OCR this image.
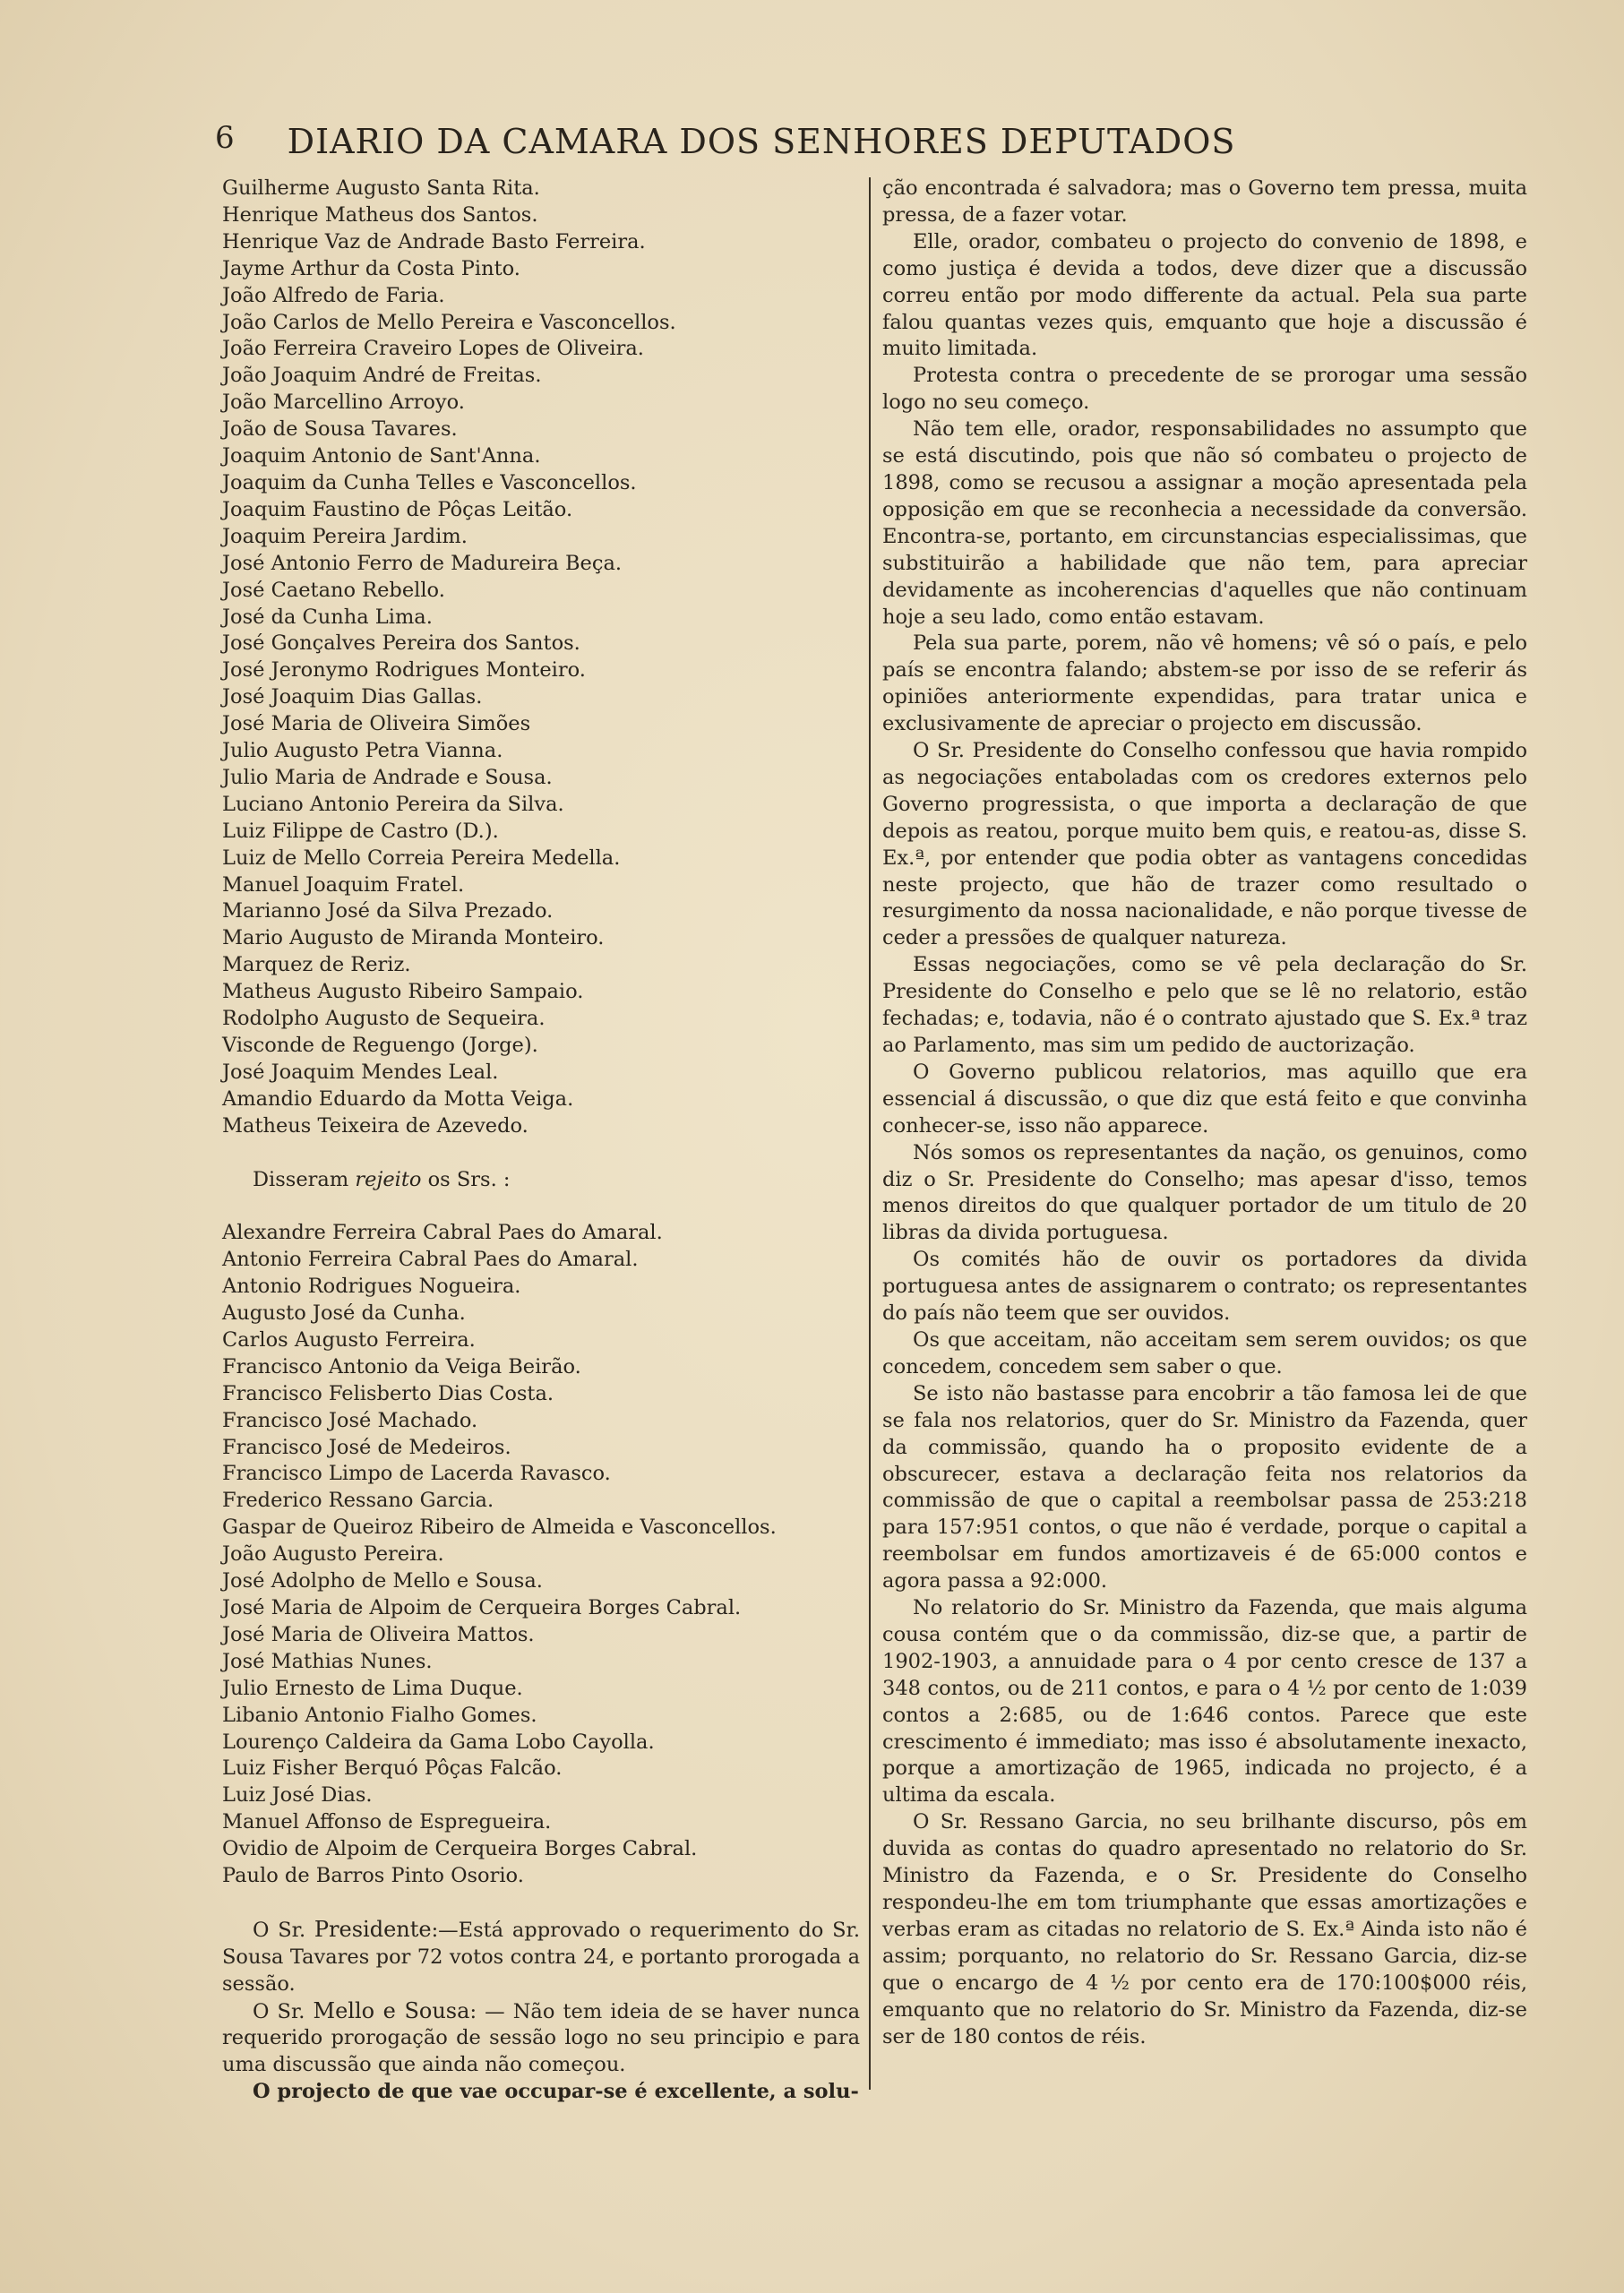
6 DIARIO DA CAMARA DOS SENHORES DEPUTADOS
Guilherme Augusto Santa Rita.
Henrique Matheus dos Santos.
Henrique Vaz de Andrade Basto Ferreira.
Jayme Arthur da Costa Pinto.
João Alfredo de Faria.
João Carlos de Mello Pereira e Vasconcellos.
João Ferreira Craveiro Lopes de Oliveira.
João Joaquim André de Freitas.
João Marcellino Arroyo.
João de Sousa Tavares.
Joaquim Antonio de Sant'Anna.
Joaquim da Cunha Telles e Vasconcellos.
Joaquim Faustino de Pôças Leitão.
Joaquim Pereira Jardim.
José Antonio Ferro de Madureira Beça.
José Caetano Rebello.
José da Cunha Lima.
José Gonçalves Pereira dos Santos.
José Jeronymo Rodrigues Monteiro.
José Joaquim Dias Gallas.
José Maria de Oliveira Simões
Julio Augusto Petra Vianna.
Julio Maria de Andrade e Sousa.
Luciano Antonio Pereira da Silva.
Luiz Filippe de Castro (D.).
Luiz de Mello Correia Pereira Medella.
Manuel Joaquim Fratel.
Marianno José da Silva Prezado.
Mario Augusto de Miranda Monteiro.
Marquez de Reriz.
Matheus Augusto Ribeiro Sampaio.
Rodolpho Augusto de Sequeira.
Visconde de Reguengo (Jorge).
José Joaquim Mendes Leal.
Amandio Eduardo da Motta Veiga.
Matheus Teixeira de Azevedo.
Disseram rejeito os Srs. :
Alexandre Ferreira Cabral Paes do Amaral.
Antonio Ferreira Cabral Paes do Amaral.
Antonio Rodrigues Nogueira.
Augusto José da Cunha.
Carlos Augusto Ferreira.
Francisco Antonio da Veiga Beirão.
Francisco Felisberto Dias Costa.
Francisco José Machado.
Francisco José de Medeiros.
Francisco Limpo de Lacerda Ravasco.
Frederico Ressano Garcia.
Gaspar de Queiroz Ribeiro de Almeida e Vasconcellos.
João Augusto Pereira.
José Adolpho de Mello e Sousa.
José Maria de Alpoim de Cerqueira Borges Cabral.
José Maria de Oliveira Mattos.
José Mathias Nunes.
Julio Ernesto de Lima Duque.
Libanio Antonio Fialho Gomes.
Lourenço Caldeira da Gama Lobo Cayolla.
Luiz Fisher Berquó Pôças Falcão.
Luiz José Dias.
Manuel Affonso de Espregueira.
Ovidio de Alpoim de Cerqueira Borges Cabral.
Paulo de Barros Pinto Osorio.
O Sr. Presidente:—Está approvado o requerimento do Sr. Sousa Tavares por 72 votos contra 24, e portanto prorogada a sessão.
O Sr. Mello e Sousa: — Não tem ideia de se haver nunca requerido prorogação de sessão logo no seu principio e para uma discussão que ainda não começou.
O projecto de que vae occupar-se é excellente, a solu-
ção encontrada é salvadora; mas o Governo tem pressa, muita pressa, de a fazer votar.
Elle, orador, combateu o projecto do convenio de 1898, e como justiça é devida a todos, deve dizer que a discussão correu então por modo differente da actual. Pela sua parte falou quantas vezes quis, emquanto que hoje a discussão é muito limitada.
Protesta contra o precedente de se prorogar uma sessão logo no seu começo.
Não tem elle, orador, responsabilidades no assumpto que se está discutindo, pois que não só combateu o projecto de 1898, como se recusou a assignar a moção apresentada pela opposição em que se reconhecia a necessidade da conversão. Encontra-se, portanto, em circunstancias especialissimas, que substituirão a habilidade que não tem, para apreciar devidamente as incoherencias d'aquelles que não continuam hoje a seu lado, como então estavam.
Pela sua parte, porem, não vê homens; vê só o país, e pelo país se encontra falando; abstem-se por isso de se referir ás opiniões anteriormente expendidas, para tratar unica e exclusivamente de apreciar o projecto em discussão.
O Sr. Presidente do Conselho confessou que havia rompido as negociações entaboladas com os credores externos pelo Governo progressista, o que importa a declaração de que depois as reatou, porque muito bem quis, e reatou-as, disse S. Ex.ª, por entender que podia obter as vantagens concedidas neste projecto, que hão de trazer como resultado o resurgimento da nossa nacionalidade, e não porque tivesse de ceder a pressões de qualquer natureza.
Essas negociações, como se vê pela declaração do Sr. Presidente do Conselho e pelo que se lê no relatorio, estão fechadas; e, todavia, não é o contrato ajustado que S. Ex.ª traz ao Parlamento, mas sim um pedido de auctorização.
O Governo publicou relatorios, mas aquillo que era essencial á discussão, o que diz que está feito e que convinha conhecer-se, isso não apparece.
Nós somos os representantes da nação, os genuinos, como diz o Sr. Presidente do Conselho; mas apesar d'isso, temos menos direitos do que qualquer portador de um titulo de 20 libras da divida portuguesa.
Os comités hão de ouvir os portadores da divida portuguesa antes de assignarem o contrato; os representantes do país não teem que ser ouvidos.
Os que acceitam, não acceitam sem serem ouvidos; os que concedem, concedem sem saber o que.
Se isto não bastasse para encobrir a tão famosa lei de que se fala nos relatorios, quer do Sr. Ministro da Fazenda, quer da commissão, quando ha o proposito evidente de a obscurecer, estava a declaração feita nos relatorios da commissão de que o capital a reembolsar passa de 253:218 para 157:951 contos, o que não é verdade, porque o capital a reembolsar em fundos amortizaveis é de 65:000 contos e agora passa a 92:000.
No relatorio do Sr. Ministro da Fazenda, que mais alguma cousa contém que o da commissão, diz-se que, a partir de 1902-1903, a annuidade para o 4 por cento cresce de 137 a 348 contos, ou de 211 contos, e para o 4 ½ por cento de 1:039 contos a 2:685, ou de 1:646 contos. Parece que este crescimento é immediato; mas isso é absolutamente inexacto, porque a amortização de 1965, indicada no projecto, é a ultima da escala.
O Sr. Ressano Garcia, no seu brilhante discurso, pôs em duvida as contas do quadro apresentado no relatorio do Sr. Ministro da Fazenda, e o Sr. Presidente do Conselho respondeu-lhe em tom triumphante que essas amortizações e verbas eram as citadas no relatorio de S. Ex.ª Ainda isto não é assim; porquanto, no relatorio do Sr. Ressano Garcia, diz-se que o encargo de 4 ½ por cento era de 170:100$000 réis, emquanto que no relatorio do Sr. Ministro da Fazenda, diz-se ser de 180 contos de réis.
